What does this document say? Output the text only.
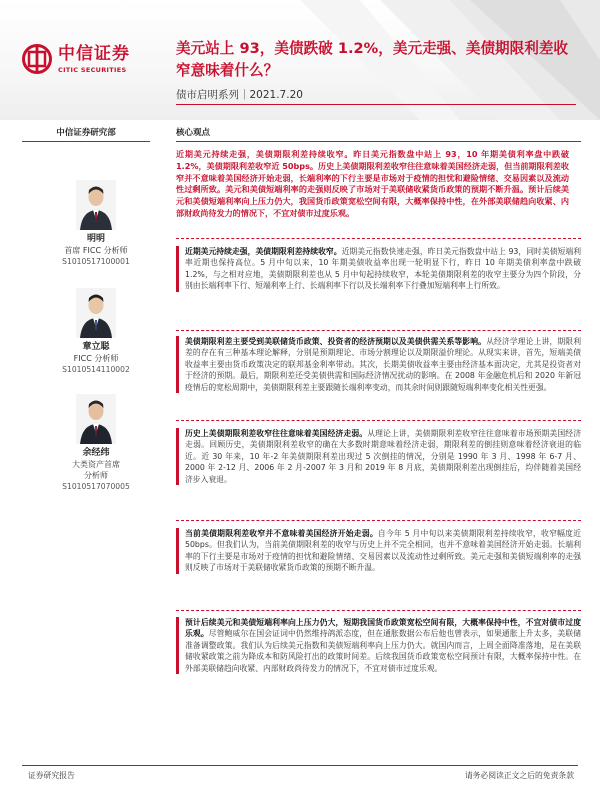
中信证券
CITIC SECURITIES
美元站上 93，美债跌破 1.2%，美元走强、美债期限利差收窄意味着什么？
债市启明系列｜2021.7.20
中信证券研究部
明明
首席 FICC 分析师
S1010517100001
章立聪
FICC 分析师
S1010514110002
余经纬
大类资产首席
分析师
S1010517070005
核心观点
近期美元持续走强，美债期限利差持续收窄。昨日美元指数盘中站上 93，10 年期美债利率盘中跌破 1.2%，美债期限利差收窄近 50bps。历史上美债期限利差收窄往往意味着美国经济走弱，但当前期限利差收窄并不意味着美国经济开始走弱，长端利率的下行主要是市场对于疫情的担忧和避险情绪、交易因素以及流动性过剩所致。美元和美债短端利率的走强则反映了市场对于美联储收紧货币政策的预期不断升温。预计后续美元和美债短端利率向上压力仍大，我国货币政策宽松空间有限，大概率保持中性，在外部美联储趋向收紧、内部财政尚待发力的情况下，不宜对债市过度乐观。
近期美元持续走强，美债期限利差持续收窄。近期美元指数快速走强，昨日美元指数盘中站上 93，同时美债短端利率近期也保持高位。5 月中旬以来，10 年期美债收益率出现一轮明显下行，昨日 10 年期美债利率盘中跌破 1.2%，与之相对应地，美债期限利差也从 5 月中旬起持续收窄，本轮美债期限利差的收窄主要分为四个阶段，分别由长端利率下行、短端利率上行、长端利率下行以及长端利率下行叠加短端利率上行所致。
美债期限利差主要受到美联储货币政策、投资者的经济预期以及美债供需关系等影响。从经济学理论上讲，期限利差的存在有三种基本理论解释，分别是预期理论、市场分割理论以及期限溢价理论。从现实来讲，首先，短端美债收益率主要由货币政策决定的联邦基金利率带动。其次，长期美债收益率主要由经济基本面决定，尤其是投资者对于经济的预期。最后，期限利差还受美债供需和国际经济情况扰动的影响。在 2008 年金融危机后和 2020 年新冠疫情后的宽松周期中，美债期限利差主要跟随长端利率变动，而其余时间则跟随短端利率变化相关性更强。
历史上美债期限利差收窄往往意味着美国经济走弱。从理论上讲，美债期限利差收窄往往意味着市场预期美国经济走弱。回顾历史，美债期限利差收窄的确在大多数时期意味着经济走弱，期限利差的倒挂则意味着经济衰退的临近。近 30 年来，10 年-2 年美债期限利差出现过 5 次倒挂的情况，分别是 1990 年 3 月、1998 年 6-7 月、2000 年 2-12 月、2006 年 2 月-2007 年 3 月和 2019 年 8 月底，美债期限利差出现倒挂后，均伴随着美国经济步入衰退。
当前美债期限利差收窄并不意味着美国经济开始走弱。自今年 5 月中旬以来美债期限利差持续收窄，收窄幅度近 50bps。但我们认为，当前美债期限利差的收窄与历史上并不完全相同，也并不意味着美国经济开始走弱。长端利率的下行主要是市场对于疫情的担忧和避险情绪、交易因素以及流动性过剩所致。美元走强和美债短端利率的走强则反映了市场对于美联储收紧货币政策的预期不断升温。
预计后续美元和美债短端利率向上压力仍大，短期我国货币政策宽松空间有限，大概率保持中性，不宜对债市过度乐观。尽管鲍威尔在国会证词中仍然维持鸽派态度，但在通胀数据公布后他也曾表示，如果通胀上升太多，美联储准备调整政策。我们认为后续美元指数和美债短端利率向上压力仍大。就国内而言，上周全面降准落地，是在美联储收紧政策之前为降成本和防风险打出的政策时间差。后续我国货币政策宽松空间预计有限，大概率保持中性。在外部美联储趋向收紧、内部财政尚待发力的情况下，不宜对债市过度乐观。
证券研究报告	请务必阅读正文之后的免责条款
